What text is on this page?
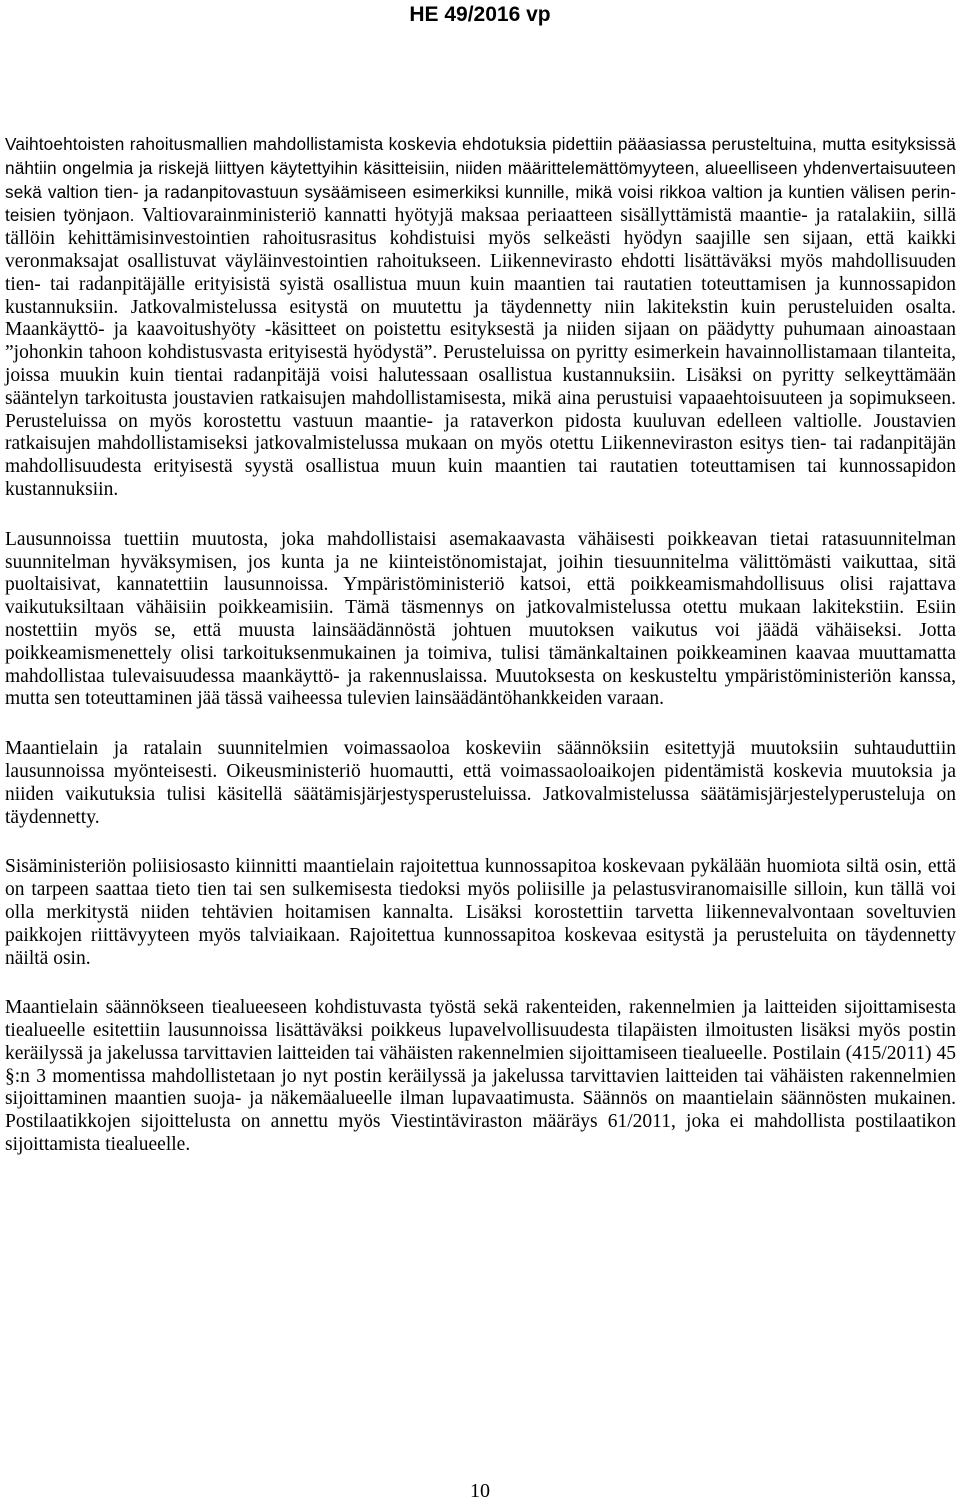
HE 49/2016 vp

Vaihtoehtoisten rahoitusmallien mahdollistamista koskevia ehdotuksia pidettiin pääasiassa perusteltuina, mutta esityksissä nähtiin ongelmia ja riskejä liittyen käytettyihin käsitteisiin, niiden määrittelemättömyyteen, alueelliseen yhdenvertaisuuteen sekä valtion tien- ja radanpitovastuun sysäämiseen esimerkiksi kunnille, mikä voisi rikkoa valtion ja kuntien välisen perinteisien työnjaon. Valtiovarainministeriö kannatti hyötyjä maksaa periaatteen sisällyttämistä maantie- ja ratalakiin, sillä tällöin kehittämisinvestointien rahoitusrasitus kohdistuisi myös selkeästi hyödyn saajille sen sijaan, että kaikki veronmaksajat osallistuvat väyläinvestointien rahoitukseen. Liikennevirasto ehdotti lisättäväksi myös mahdollisuuden tien- tai radanpitäjälle erityisistä syistä osallistua muun kuin maantien tai rautatien toteuttamisen ja kunnossapidon kustannuksiin. Jatkovalmistelussa esitystä on muutettu ja täydennetty niin lakitekstin kuin perusteluiden osalta. Maankäyttö- ja kaavoitushyöty -käsitteet on poistettu esityksestä ja niiden sijaan on päädytty puhumaan ainoastaan ”johonkin tahoon kohdistusvasta erityisestä hyödystä”. Perusteluissa on pyritty esimerkein havainnollistamaan tilanteita, joissa muukin kuin tientai radanpitäjä voisi halutessaan osallistua kustannuksiin. Lisäksi on pyritty selkeyttämään sääntelyn tarkoitusta joustavien ratkaisujen mahdollistamisesta, mikä aina perustuisi vapaaehtoisuuteen ja sopimukseen. Perusteluissa on myös korostettu vastuun maantie- ja rataverkon pidosta kuuluvan edelleen valtiolle. Joustavien ratkaisujen mahdollistamiseksi jatkovalmistelussa mukaan on myös otettu Liikenneviraston esitys tien- tai radanpitäjän mahdollisuudesta erityisestä syystä osallistua muun kuin maantien tai rautatien toteuttamisen tai kunnossapidon kustannuksiin.

Lausunnoissa tuettiin muutosta, joka mahdollistaisi asemakaavasta vähäisesti poikkeavan tietai ratasuunnitelman suunnitelman hyväksymisen, jos kunta ja ne kiinteistönomistajat, joihin tiesuunnitelma välittömästi vaikuttaa, sitä puoltaisivat, kannatettiin lausunnoissa. Ympäristöministeriö katsoi, että poikkeamismahdollisuus olisi rajattava vaikutuksiltaan vähäisiin poikkeamisiin. Tämä täsmennys on jatkovalmistelussa otettu mukaan lakitekstiin. Esiin nostettiin myös se, että muusta lainsäädännöstä johtuen muutoksen vaikutus voi jäädä vähäiseksi. Jotta poikkeamismenettely olisi tarkoituksenmukainen ja toimiva, tulisi tämänkaltainen poikkeaminen kaavaa muuttamatta mahdollistaa tulevaisuudessa maankäyttö- ja rakennuslaissa. Muutoksesta on keskusteltu ympäristöministeriön kanssa, mutta sen toteuttaminen jää tässä vaiheessa tulevien lainsäädäntöhankkeiden varaan.

Maantielain ja ratalain suunnitelmien voimassaoloa koskeviin säännöksiin esitettyjä muutoksiin suhtauduttiin lausunnoissa myönteisesti. Oikeusministeriö huomautti, että voimassaoloaikojen pidentämistä koskevia muutoksia ja niiden vaikutuksia tulisi käsitellä säätämisjärjestysperusteluissa. Jatkovalmistelussa säätämisjärjestelyperusteluja on täydennetty.

Sisäministeriön poliisiosasto kiinnitti maantielain rajoitettua kunnossapitoa koskevaan pykälään huomiota siltä osin, että on tarpeen saattaa tieto tien tai sen sulkemisesta tiedoksi myös poliisille ja pelastusviranomaisille silloin, kun tällä voi olla merkitystä niiden tehtävien hoitamisen kannalta. Lisäksi korostettiin tarvetta liikennevalvontaan soveltuvien paikkojen riittävyyteen myös talviaikaan. Rajoitettua kunnossapitoa koskevaa esitystä ja perusteluita on täydennetty näiltä osin.

Maantielain säännökseen tiealueeseen kohdistuvasta työstä sekä rakenteiden, rakennelmien ja laitteiden sijoittamisesta tiealueelle esitettiin lausunnoissa lisättäväksi poikkeus lupavelvollisuudesta tilapäisten ilmoitusten lisäksi myös postin keräilyssä ja jakelussa tarvittavien laitteiden tai vähäisten rakennelmien sijoittamiseen tiealueelle. Postilain (415/2011) 45 §:n 3 momentissa mahdollistetaan jo nyt postin keräilyssä ja jakelussa tarvittavien laitteiden tai vähäisten rakennelmien sijoittaminen maantien suoja- ja näkemäalueelle ilman lupavaatimusta. Säännös on maantielain säännösten mukainen. Postilaatikkojen sijoittelusta on annettu myös Viestintäviraston määräys 61/2011, joka ei mahdollista postilaatikon sijoittamista tiealueelle.

10
